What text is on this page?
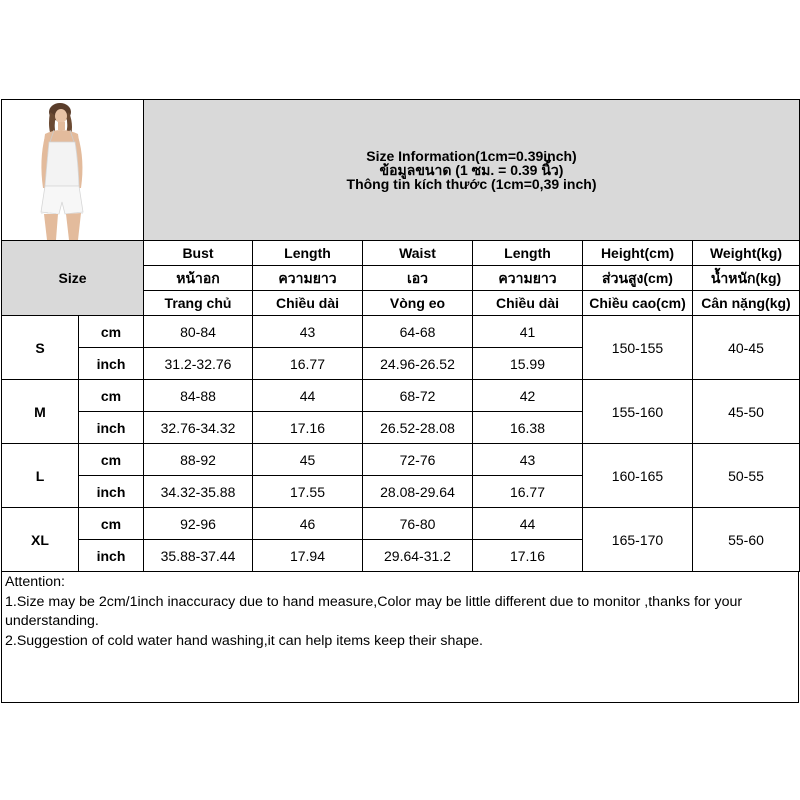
Size Information(1cm=0.39inch)
ข้อมูลขนาด (1 ซม. = 0.39 นิ้ว)
Thông tin kích thước (1cm=0,39 inch)					

Size		Bust	Length	Waist	Length	Height(cm)	Weight(kg)
		หน้าอก	ความยาว	เอว	ความยาว	ส่วนสูง(cm)	น้ำหนัก(kg)
		Trang chủ	Chiều dài	Vòng eo	Chiều dài	Chiều cao(cm)	Cân nặng(kg)
S	cm	80-84	43	64-68	41	150-155	40-45
	inch	31.2-32.76	16.77	24.96-26.52	15.99		
M	cm	84-88	44	68-72	42	155-160	45-50
	inch	32.76-34.32	17.16	26.52-28.08	16.38		
L	cm	88-92	45	72-76	43	160-165	50-55
	inch	34.32-35.88	17.55	28.08-29.64	16.77		
XL	cm	92-96	46	76-80	44	165-170	55-60
	inch	35.88-37.44	17.94	29.64-31.2	17.16		
Attention:
1.Size may be 2cm/1inch inaccuracy due to hand measure,Color may be little different due to monitor ,thanks for your understanding.
2.Suggestion of cold water hand washing,it can help items keep their shape.
